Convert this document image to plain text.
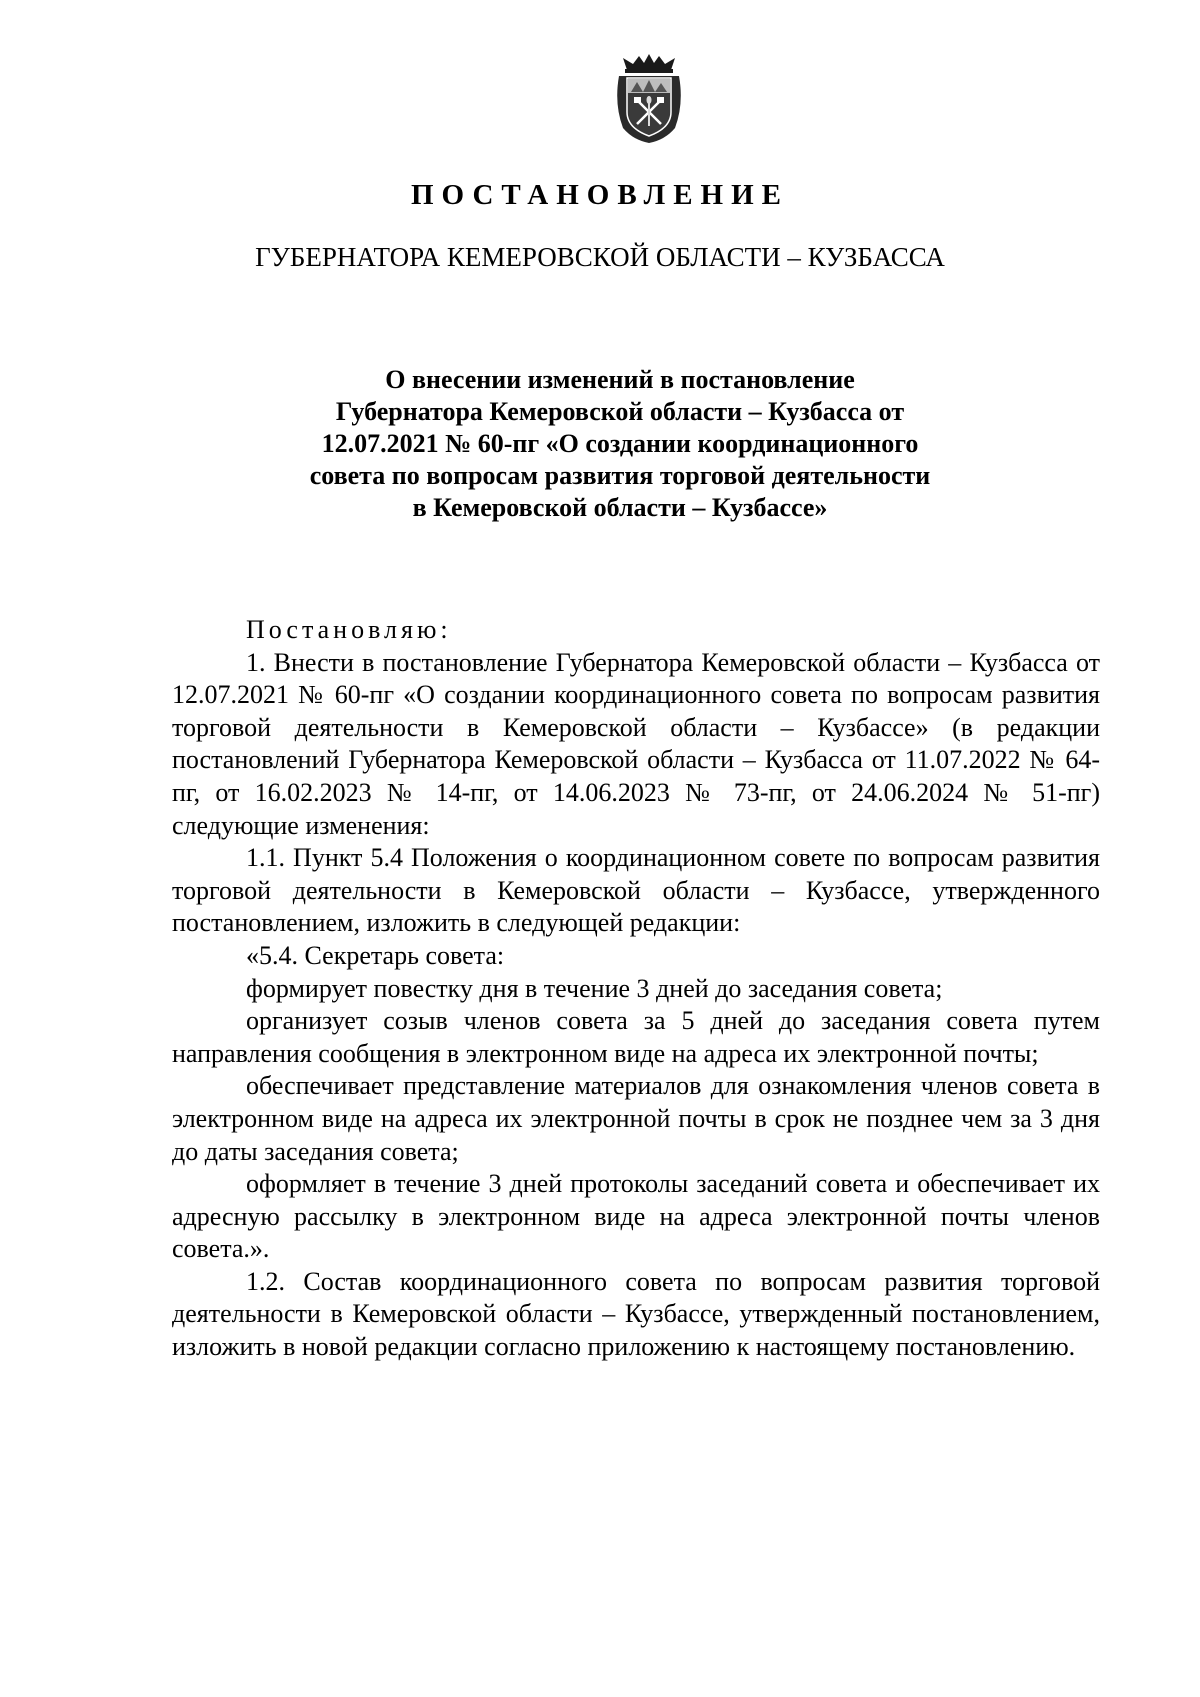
ПОСТАНОВЛЕНИЕ
ГУБЕРНАТОРА КЕМЕРОВСКОЙ ОБЛАСТИ – КУЗБАССА
О внесении изменений в постановление
Губернатора Кемеровской области – Кузбасса от
12.07.2021 № 60-пг «О создании координационного
совета по вопросам развития торговой деятельности
в Кемеровской области – Кузбассе»

Постановляю:

1. Внести в постановление Губернатора Кемеровской области – Кузбасса от 12.07.2021 № 60-пг «О создании координационного совета по вопросам развития торговой деятельности в Кемеровской области – Кузбассе» (в редакции постановлений Губернатора Кемеровской области – Кузбасса от 11.07.2022 № 64-пг, от 16.02.2023 № 14-пг, от 14.06.2023 № 73-пг, от 24.06.2024 № 51-пг) следующие изменения:

1.1. Пункт 5.4 Положения о координационном совете по вопросам развития торговой деятельности в Кемеровской области – Кузбассе, утвержденного постановлением, изложить в следующей редакции:

«5.4. Секретарь совета:

формирует повестку дня в течение 3 дней до заседания совета;

организует созыв членов совета за 5 дней до заседания совета путем направления сообщения в электронном виде на адреса их электронной почты;

обеспечивает представление материалов для ознакомления членов совета в электронном виде на адреса их электронной почты в срок не позднее чем за 3 дня до даты заседания совета;

оформляет в течение 3 дней протоколы заседаний совета и обеспечивает их адресную рассылку в электронном виде на адреса электронной почты членов совета.».

1.2. Состав координационного совета по вопросам развития торговой деятельности в Кемеровской области – Кузбассе, утвержденный постановлением, изложить в новой редакции согласно приложению к настоящему постановлению.
